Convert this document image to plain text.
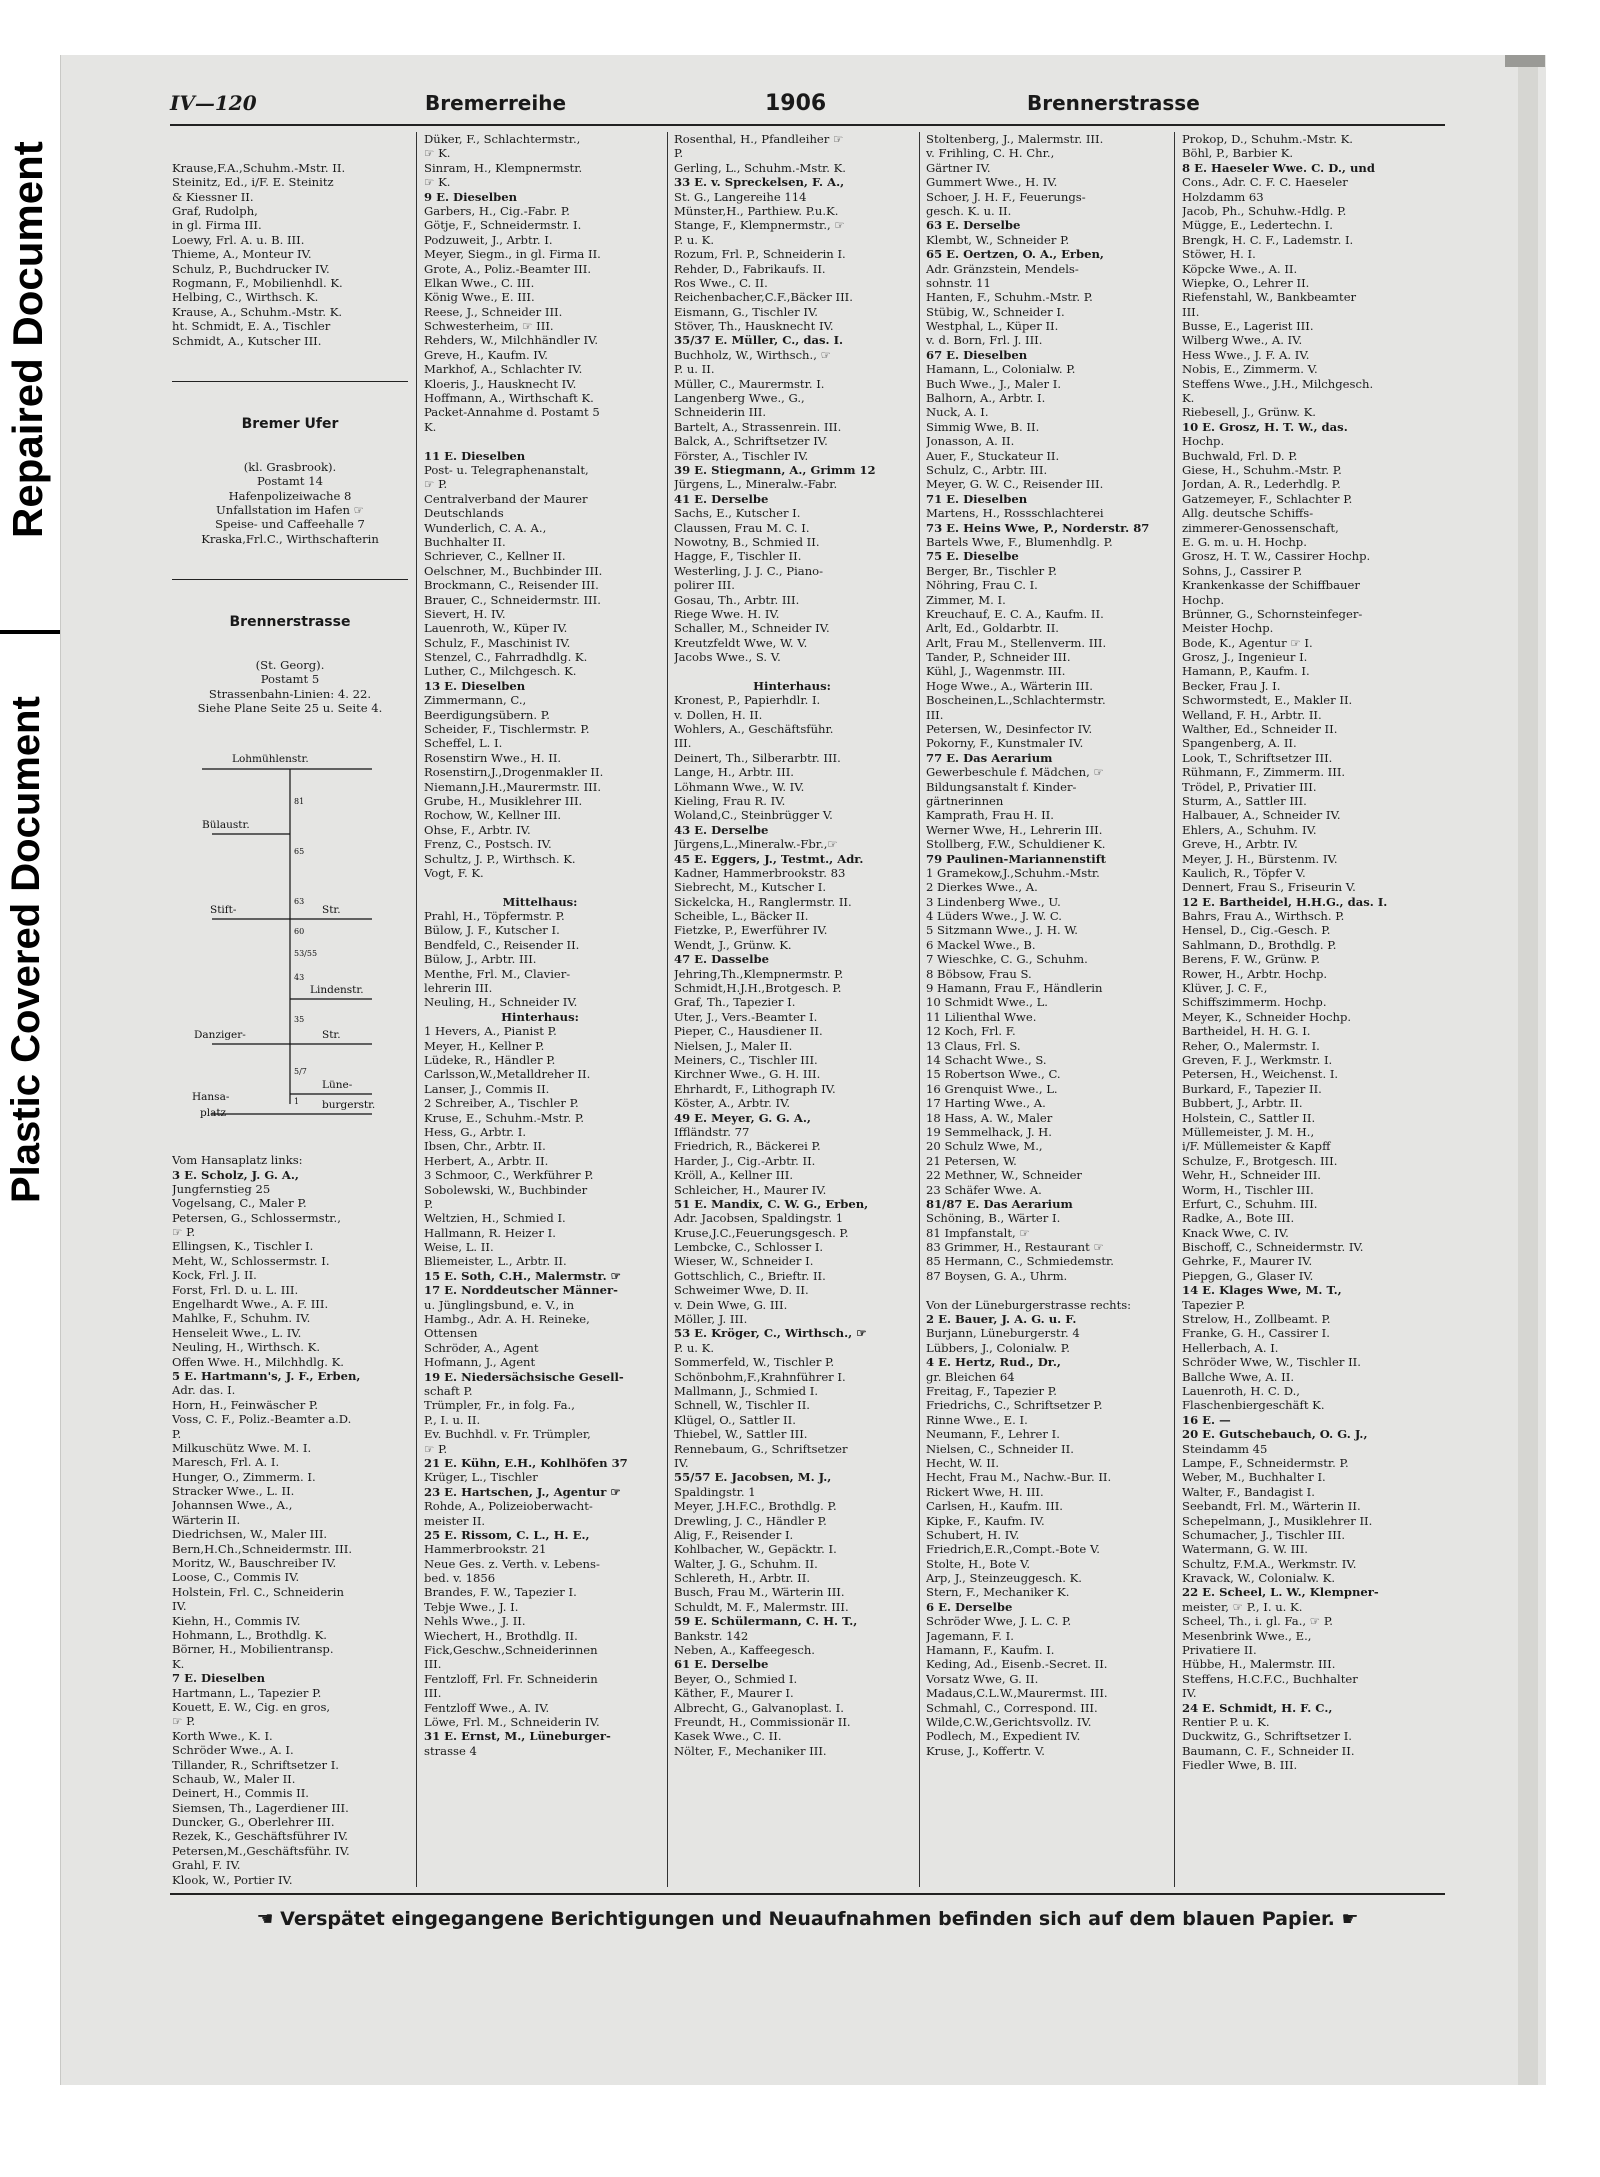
Repaired Document
Plastic Covered Document
IV—120	Bremerreihe	1906	Brennerstrasse

Krause,F.A.,Schuhm.-Mstr. II.
Steinitz, Ed., i/F. E. Steinitz
& Kiessner II.
Graf, Rudolph,
in gl. Firma III.
Loewy, Frl. A. u. B. III.
Thieme, A., Monteur IV.
Schulz, P., Buchdrucker IV.
Rogmann, F., Mobilienhdl. K.
Helbing, C., Wirthsch. K.
Krause, A., Schuhm.-Mstr. K.
ht. Schmidt, E. A., Tischler
Schmidt, A., Kutscher III.

Bremer Ufer

(kl. Grasbrook).
Postamt 14
Hafenpolizeiwache 8
Unfallstation im Hafen ☞
Speise- und Caffeehalle 7
Kraska,Frl.C., Wirthschafterin

Brennerstrasse

(St. Georg).
Postamt 5
Strassenbahn-Linien: 4. 22.
Siehe Plane Seite 25 u. Seite 4.

Lohmühlenstr.
Bülaustr.
Stift-	Str.
Lindenstr.
Danziger-	Str.
Lüne-
burgerstr.
Hansa-
platz
1
5/7
35
43
53/55
60
63
65
81

Vom Hansaplatz links:
3 E. Scholz, J. G. A.,
Jungfernstieg 25
Vogelsang, C., Maler P.
Petersen, G., Schlossermstr.,
☞ P.
Ellingsen, K., Tischler I.
Meht, W., Schlossermstr. I.
Kock, Frl. J. II.
Forst, Frl. D. u. L. III.
Engelhardt Wwe., A. F. III.
Mahlke, F., Schuhm. IV.
Henseleit Wwe., L. IV.
Neuling, H., Wirthsch. K.
Offen Wwe. H., Milchhdlg. K.
5 E. Hartmann's, J. F., Erben,
Adr. das. I.
Horn, H., Feinwäscher P.
Voss, C. F., Poliz.-Beamter a.D.
P.
Milkuschütz Wwe. M. I.
Maresch, Frl. A. I.
Hunger, O., Zimmerm. I.
Stracker Wwe., L. II.
Johannsen Wwe., A.,
Wärterin II.
Diedrichsen, W., Maler III.
Bern,H.Ch.,Schneidermstr. III.
Moritz, W., Bauschreiber IV.
Loose, C., Commis IV.
Holstein, Frl. C., Schneiderin
IV.
Kiehn, H., Commis IV.
Hohmann, L., Brothdlg. K.
Börner, H., Mobilientransp.
K.
7 E. Dieselben
Hartmann, L., Tapezier P.
Kouett, E. W., Cig. en gros,
☞ P.
Korth Wwe., K. I.
Schröder Wwe., A. I.
Tillander, R., Schriftsetzer I.
Schaub, W., Maler II.
Deinert, H., Commis II.
Siemsen, Th., Lagerdiener III.
Duncker, G., Oberlehrer III.
Rezek, K., Geschäftsführer IV.
Petersen,M.,Geschäftsführ. IV.
Grahl, F. IV.
Klook, W., Portier IV.

Düker, F., Schlachtermstr.,
☞ K.
Sinram, H., Klempnermstr.
☞ K.
9 E. Dieselben
Garbers, H., Cig.-Fabr. P.
Götje, F., Schneidermstr. I.
Podzuweit, J., Arbtr. I.
Meyer, Siegm., in gl. Firma II.
Grote, A., Poliz.-Beamter III.
Elkan Wwe., C. III.
König Wwe., E. III.
Reese, J., Schneider III.
Schwesterheim, ☞ III.
Rehders, W., Milchhändler IV.
Greve, H., Kaufm. IV.
Markhof, A., Schlachter IV.
Kloeris, J., Hausknecht IV.
Hoffmann, A., Wirthschaft K.
Packet-Annahme d. Postamt 5
K.
11 E. Dieselben
Post- u. Telegraphenanstalt,
☞ P.
Centralverband der Maurer
Deutschlands
Wunderlich, C. A. A.,
Buchhalter II.
Schriever, C., Kellner II.
Oelschner, M., Buchbinder III.
Brockmann, C., Reisender III.
Brauer, C., Schneidermstr. III.
Sievert, H. IV.
Lauenroth, W., Küper IV.
Schulz, F., Maschinist IV.
Stenzel, C., Fahrradhdlg. K.
Luther, C., Milchgesch. K.
13 E. Dieselben
Zimmermann, C.,
Beerdigungsübern. P.
Scheider, F., Tischlermstr. P.
Scheffel, L. I.
Rosenstirn Wwe., H. II.
Rosenstirn,J.,Drogenmakler II.
Niemann,J.H.,Maurermstr. III.
Grube, H., Musiklehrer III.
Rochow, W., Kellner III.
Ohse, F., Arbtr. IV.
Frenz, C., Postsch. IV.
Schultz, J. P., Wirthsch. K.
Vogt, F. K.
Mittelhaus:
Prahl, H., Töpfermstr. P.
Bülow, J. F., Kutscher I.
Bendfeld, C., Reisender II.
Bülow, J., Arbtr. III.
Menthe, Frl. M., Clavier-
lehrerin III.
Neuling, H., Schneider IV.
Hinterhaus:
1 Hevers, A., Pianist P.
Meyer, H., Kellner P.
Lüdeke, R., Händler P.
Carlsson,W.,Metalldreher II.
Lanser, J., Commis II.
2 Schreiber, A., Tischler P.
Kruse, E., Schuhm.-Mstr. P.
Hess, G., Arbtr. I.
Ibsen, Chr., Arbtr. II.
Herbert, A., Arbtr. II.
3 Schmoor, C., Werkführer P.
Sobolewski, W., Buchbinder
P.
Weltzien, H., Schmied I.
Hallmann, R. Heizer I.
Weise, L. II.
Bliemeister, L., Arbtr. II.
15 E. Soth, C.H., Malermstr. ☞
17 E. Norddeutscher Männer-
u. Jünglingsbund, e. V., in
Hambg., Adr. A. H. Reineke,
Ottensen
Schröder, A., Agent
Hofmann, J., Agent
19 E. Niedersächsische Gesell-
schaft P.
Trümpler, Fr., in folg. Fa.,
P., I. u. II.
Ev. Buchhdl. v. Fr. Trümpler,
☞ P.
21 E. Kühn, E.H., Kohlhöfen 37
Krüger, L., Tischler
23 E. Hartschen, J., Agentur ☞
Rohde, A., Polizeioberwacht-
meister II.
25 E. Rissom, C. L., H. E.,
Hammerbrookstr. 21
Neue Ges. z. Verth. v. Lebens-
bed. v. 1856
Brandes, F. W., Tapezier I.
Tebje Wwe., J. I.
Nehls Wwe., J. II.
Wiechert, H., Brothdlg. II.
Fick,Geschw.,Schneiderinnen
III.
Fentzloff, Frl. Fr. Schneiderin
III.
Fentzloff Wwe., A. IV.
Löwe, Frl. M., Schneiderin IV.
31 E. Ernst, M., Lüneburger-
strasse 4
Rosenthal, H., Pfandleiher ☞
P.
Gerling, L., Schuhm.-Mstr. K.
33 E. v. Spreckelsen, F. A.,
St. G., Langereihe 114
Münster,H., Parthiew. P.u.K.
Stange, F., Klempnermstr., ☞
P. u. K.
Rozum, Frl. P., Schneiderin I.
Rehder, D., Fabrikaufs. II.
Ros Wwe., C. II.
Reichenbacher,C.F.,Bäcker III.
Eismann, G., Tischler IV.
Stöver, Th., Hausknecht IV.
35/37 E. Müller, C., das. I.
Buchholz, W., Wirthsch., ☞
P. u. II.
Müller, C., Maurermstr. I.
Langenberg Wwe., G.,
Schneiderin III.
Bartelt, A., Strassenrein. III.
Balck, A., Schriftsetzer IV.
Förster, A., Tischler IV.
39 E. Stiegmann, A., Grimm 12
Jürgens, L., Mineralw.-Fabr.
41 E. Derselbe
Sachs, E., Kutscher I.
Claussen, Frau M. C. I.
Nowotny, B., Schmied II.
Hagge, F., Tischler II.
Westerling, J. J. C., Piano-
polirer III.
Gosau, Th., Arbtr. III.
Riege Wwe. H. IV.
Schaller, M., Schneider IV.
Kreutzfeldt Wwe, W. V.
Jacobs Wwe., S. V.
Hinterhaus:
Kronest, P., Papierhdlr. I.
v. Dollen, H. II.
Wohlers, A., Geschäftsführ.
III.
Deinert, Th., Silberarbtr. III.
Lange, H., Arbtr. III.
Löhmann Wwe., W. IV.
Kieling, Frau R. IV.
Woland,C., Steinbrügger V.
43 E. Derselbe
Jürgens,L.,Mineralw.-Fbr.,☞
45 E. Eggers, J., Testmt., Adr.
Kadner, Hammerbrookstr. 83
Siebrecht, M., Kutscher I.
Sickelcka, H., Ranglermstr. II.
Scheible, L., Bäcker II.
Fietzke, P., Ewerführer IV.
Wendt, J., Grünw. K.
47 E. Dasselbe
Jehring,Th.,Klempnermstr. P.
Schmidt,H.J.H.,Brotgesch. P.
Graf, Th., Tapezier I.
Uter, J., Vers.-Beamter I.
Pieper, C., Hausdiener II.
Nielsen, J., Maler II.
Meiners, C., Tischler III.
Kirchner Wwe., G. H. III.
Ehrhardt, F., Lithograph IV.
Köster, A., Arbtr. IV.
49 E. Meyer, G. G. A.,
Iffländstr. 77
Friedrich, R., Bäckerei P.
Harder, J., Cig.-Arbtr. II.
Kröll, A., Kellner III.
Schleicher, H., Maurer IV.
51 E. Mandix, C. W. G., Erben,
Adr. Jacobsen, Spaldingstr. 1
Kruse,J.C.,Feuerungsgesch. P.
Lembcke, C., Schlosser I.
Wieser, W., Schneider I.
Gottschlich, C., Brieftr. II.
Schweimer Wwe, D. II.
v. Dein Wwe, G. III.
Möller, J. III.
53 E. Kröger, C., Wirthsch., ☞
P. u. K.
Sommerfeld, W., Tischler P.
Schönbohm,F.,Krahnführer I.
Mallmann, J., Schmied I.
Schnell, W., Tischler II.
Klügel, O., Sattler II.
Thiebel, W., Sattler III.
Rennebaum, G., Schriftsetzer
IV.
55/57 E. Jacobsen, M. J.,
Spaldingstr. 1
Meyer, J.H.F.C., Brothdlg. P.
Drewling, J. C., Händler P.
Alig, F., Reisender I.
Kohlbacher, W., Gepäcktr. I.
Walter, J. G., Schuhm. II.
Schlereth, H., Arbtr. II.
Busch, Frau M., Wärterin III.
Schuldt, M. F., Malermstr. III.
59 E. Schülermann, C. H. T.,
Bankstr. 142
Neben, A., Kaffeegesch.
61 E. Derselbe
Beyer, O., Schmied I.
Käther, F., Maurer I.
Albrecht, G., Galvanoplast. I.
Freundt, H., Commissionär II.
Kasek Wwe., C. II.
Nölter, F., Mechaniker III.
Stoltenberg, J., Malermstr. III.
v. Frihling, C. H. Chr.,
Gärtner IV.
Gummert Wwe., H. IV.
Schoer, J. H. F., Feuerungs-
gesch. K. u. II.
63 E. Derselbe
Klembt, W., Schneider P.
65 E. Oertzen, O. A., Erben,
Adr. Gränzstein, Mendels-
sohnstr. 11
Hanten, F., Schuhm.-Mstr. P.
Stübig, W., Schneider I.
Westphal, L., Küper II.
v. d. Born, Frl. J. III.
67 E. Dieselben
Hamann, L., Colonialw. P.
Buch Wwe., J., Maler I.
Balhorn, A., Arbtr. I.
Nuck, A. I.
Simmig Wwe, B. II.
Jonasson, A. II.
Auer, F., Stuckateur II.
Schulz, C., Arbtr. III.
Meyer, G. W. C., Reisender III.
71 E. Dieselben
Martens, H., Rossschlachterei
73 E. Heins Wwe, P., Norderstr. 87
Bartels Wwe, F., Blumenhdlg. P.
75 E. Dieselbe
Berger, Br., Tischler P.
Nöhring, Frau C. I.
Zimmer, M. I.
Kreuchauf, E. C. A., Kaufm. II.
Arlt, Ed., Goldarbtr. II.
Arlt, Frau M., Stellenverm. III.
Tander, P., Schneider III.
Kühl, J., Wagenmstr. III.
Hoge Wwe., A., Wärterin III.
Boscheinen,L.,Schlachtermstr.
III.
Petersen, W., Desinfector IV.
Pokorny, F., Kunstmaler IV.
77 E. Das Aerarium
Gewerbeschule f. Mädchen, ☞
Bildungsanstalt f. Kinder-
gärtnerinnen
Kamprath, Frau H. II.
Werner Wwe, H., Lehrerin III.
Stollberg, F.W., Schuldiener K.
79 Paulinen-Mariannenstift
1 Gramekow,J.,Schuhm.-Mstr.
2 Dierkes Wwe., A.
3 Lindenberg Wwe., U.
4 Lüders Wwe., J. W. C.
5 Sitzmann Wwe., J. H. W.
6 Mackel Wwe., B.
7 Wieschke, C. G., Schuhm.
8 Böbsow, Frau S.
9 Hamann, Frau F., Händlerin
10 Schmidt Wwe., L.
11 Lilienthal Wwe.
12 Koch, Frl. F.
13 Claus, Frl. S.
14 Schacht Wwe., S.
15 Robertson Wwe., C.
16 Grenquist Wwe., L.
17 Harting Wwe., A.
18 Hass, A. W., Maler
19 Semmelhack, J. H.
20 Schulz Wwe, M.,
21 Petersen, W.
22 Methner, W., Schneider
23 Schäfer Wwe. A.
81/87 E. Das Aerarium
Schöning, B., Wärter I.
81 Impfanstalt, ☞
83 Grimmer, H., Restaurant ☞
85 Hermann, C., Schmiedemstr.
87 Boysen, G. A., Uhrm.
Von der Lüneburgerstrasse rechts:
2 E. Bauer, J. A. G. u. F.
Burjann, Lüneburgerstr. 4
Lübbers, J., Colonialw. P.
4 E. Hertz, Rud., Dr.,
gr. Bleichen 64
Freitag, F., Tapezier P.
Friedrichs, C., Schriftsetzer P.
Rinne Wwe., E. I.
Neumann, F., Lehrer I.
Nielsen, C., Schneider II.
Hecht, W. II.
Hecht, Frau M., Nachw.-Bur. II.
Rickert Wwe, H. III.
Carlsen, H., Kaufm. III.
Kipke, F., Kaufm. IV.
Schubert, H. IV.
Friedrich,E.R.,Compt.-Bote V.
Stolte, H., Bote V.
Arp, J., Steinzeuggesch. K.
Stern, F., Mechaniker K.
6 E. Derselbe
Schröder Wwe, J. L. C. P.
Jagemann, F. I.
Hamann, F., Kaufm. I.
Keding, Ad., Eisenb.-Secret. II.
Vorsatz Wwe, G. II.
Madaus,C.L.W.,Maurermst. III.
Schmahl, C., Correspond. III.
Wilde,C.W.,Gerichtsvollz. IV.
Podlech, M., Expedient IV.
Kruse, J., Koffertr. V.
Prokop, D., Schuhm.-Mstr. K.
Böhl, P., Barbier K.
8 E. Haeseler Wwe. C. D., und
Cons., Adr. C. F. C. Haeseler
Holzdamm 63
Jacob, Ph., Schuhw.-Hdlg. P.
Mügge, E., Ledertechn. I.
Brengk, H. C. F., Lademstr. I.
Stöwer, H. I.
Köpcke Wwe., A. II.
Wiepke, O., Lehrer II.
Riefenstahl, W., Bankbeamter
III.
Busse, E., Lagerist III.
Wilberg Wwe., A. IV.
Hess Wwe., J. F. A. IV.
Nobis, E., Zimmerm. V.
Steffens Wwe., J.H., Milchgesch.
K.
Riebesell, J., Grünw. K.
10 E. Grosz, H. T. W., das.
Hochp.
Buchwald, Frl. D. P.
Giese, H., Schuhm.-Mstr. P.
Jordan, A. R., Lederhdlg. P.
Gatzemeyer, F., Schlachter P.
Allg. deutsche Schiffs-
zimmerer-Genossenschaft,
E. G. m. u. H. Hochp.
Grosz, H. T. W., Cassirer Hochp.
Sohns, J., Cassirer P.
Krankenkasse der Schiffbauer
Hochp.
Brünner, G., Schornsteinfeger-
Meister Hochp.
Bode, K., Agentur ☞ I.
Grosz, J., Ingenieur I.
Hamann, P., Kaufm. I.
Becker, Frau J. I.
Schwormstedt, E., Makler II.
Welland, F. H., Arbtr. II.
Walther, Ed., Schneider II.
Spangenberg, A. II.
Look, T., Schriftsetzer III.
Rühmann, F., Zimmerm. III.
Trödel, P., Privatier III.
Sturm, A., Sattler III.
Halbauer, A., Schneider IV.
Ehlers, A., Schuhm. IV.
Greve, H., Arbtr. IV.
Meyer, J. H., Bürstenm. IV.
Kaulich, R., Töpfer V.
Dennert, Frau S., Friseurin V.
12 E. Bartheidel, H.H.G., das. I.
Bahrs, Frau A., Wirthsch. P.
Hensel, D., Cig.-Gesch. P.
Sahlmann, D., Brothdlg. P.
Berens, F. W., Grünw. P.
Rower, H., Arbtr. Hochp.
Klüver, J. C. F.,
Schiffszimmerm. Hochp.
Meyer, K., Schneider Hochp.
Bartheidel, H. H. G. I.
Reher, O., Malermstr. I.
Greven, F. J., Werkmstr. I.
Petersen, H., Weichenst. I.
Burkard, F., Tapezier II.
Bubbert, J., Arbtr. II.
Holstein, C., Sattler II.
Müllemeister, J. M. H.,
i/F. Müllemeister & Kapff
Schulze, F., Brotgesch. III.
Wehr, H., Schneider III.
Worm, H., Tischler III.
Erfurt, C., Schuhm. III.
Radke, A., Bote III.
Knack Wwe, C. IV.
Bischoff, C., Schneidermstr. IV.
Gehrke, F., Maurer IV.
Piepgen, G., Glaser IV.
14 E. Klages Wwe, M. T.,
Tapezier P.
Strelow, H., Zollbeamt. P.
Franke, G. H., Cassirer I.
Hellerbach, A. I.
Schröder Wwe, W., Tischler II.
Ballche Wwe, A. II.
Lauenroth, H. C. D.,
Flaschenbiergeschäft K.
16 E. —
20 E. Gutschebauch, O. G. J.,
Steindamm 45
Lampe, F., Schneidermstr. P.
Weber, M., Buchhalter I.
Walter, F., Bandagist I.
Seebandt, Frl. M., Wärterin II.
Schepelmann, J., Musiklehrer II.
Schumacher, J., Tischler III.
Watermann, G. W. III.
Schultz, F.M.A., Werkmstr. IV.
Kravack, W., Colonialw. K.
22 E. Scheel, L. W., Klempner-
meister, ☞ P., I. u. K.
Scheel, Th., i. gl. Fa., ☞ P.
Mesenbrink Wwe., E.,
Privatiere II.
Hübbe, H., Malermstr. III.
Steffens, H.C.F.C., Buchhalter
IV.
24 E. Schmidt, H. F. C.,
Rentier P. u. K.
Duckwitz, G., Schriftsetzer I.
Baumann, C. F., Schneider II.
Fiedler Wwe, B. III.
☚ Verspätet eingegangene Berichtigungen und Neuaufnahmen befinden sich auf dem blauen Papier. ☛
